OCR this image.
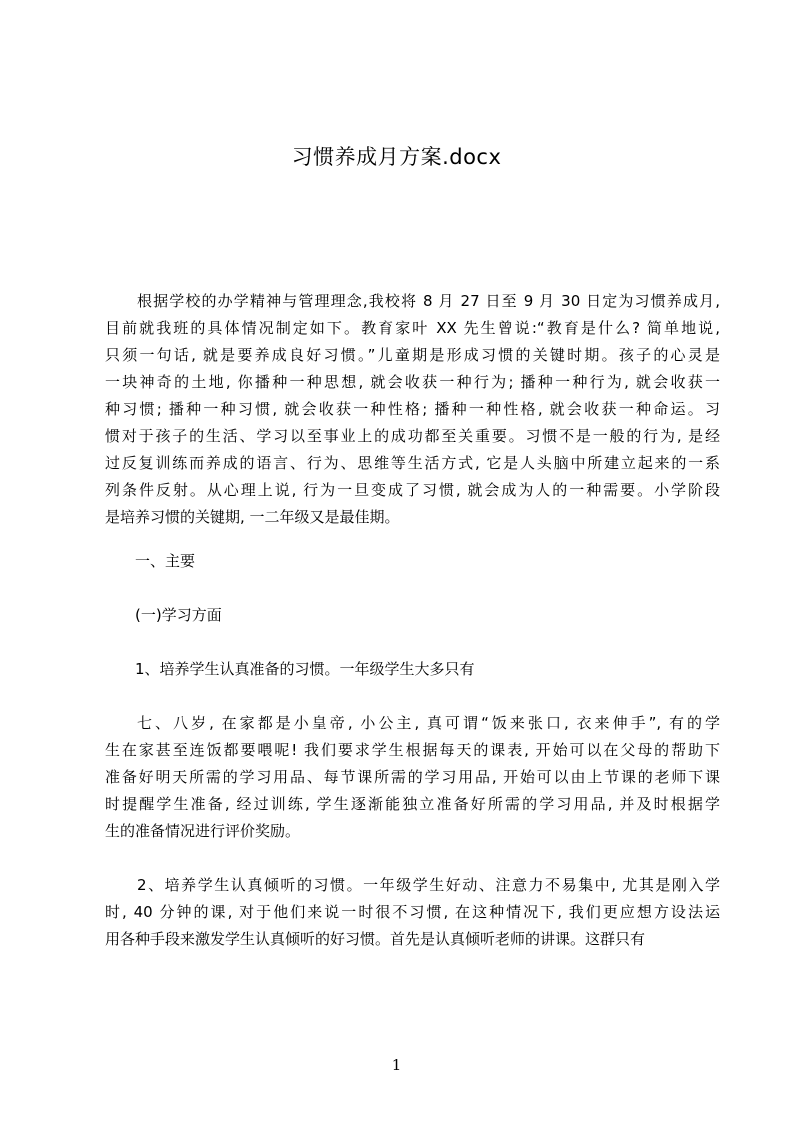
习惯养成月方案.docx
根据学校的办学精神与管理理念,我校将 8 月 27 日至 9 月 30 日定为习惯养成月,
目前就我班的具体情况制定如下。教育家叶 XX 先生曾说:“教育是什么? 简单地说,
只须一句话, 就是要养成良好习惯。”儿童期是形成习惯的关键时期。孩子的心灵是
一块神奇的土地, 你播种一种思想, 就会收获一种行为; 播种一种行为, 就会收获一
种习惯; 播种一种习惯, 就会收获一种性格; 播种一种性格, 就会收获一种命运。习
惯对于孩子的生活、学习以至事业上的成功都至关重要。习惯不是一般的行为, 是经
过反复训练而养成的语言、行为、思维等生活方式, 它是人头脑中所建立起来的一系
列条件反射。从心理上说, 行为一旦变成了习惯, 就会成为人的一种需要。小学阶段
是培养习惯的关键期, 一二年级又是最佳期。
一、主要
(一)学习方面
1、培养学生认真准备的习惯。一年级学生大多只有
七、八岁, 在家都是小皇帝, 小公主, 真可谓“饭来张口, 衣来伸手”, 有的学
生在家甚至连饭都要喂呢! 我们要求学生根据每天的课表, 开始可以在父母的帮助下
准备好明天所需的学习用品、每节课所需的学习用品, 开始可以由上节课的老师下课
时提醒学生准备, 经过训练, 学生逐渐能独立准备好所需的学习用品, 并及时根据学
生的准备情况进行评价奖励。
2、培养学生认真倾听的习惯。一年级学生好动、注意力不易集中, 尤其是刚入学
时, 40 分钟的课, 对于他们来说一时很不习惯, 在这种情况下, 我们更应想方设法运
用各种手段来激发学生认真倾听的好习惯。首先是认真倾听老师的讲课。这群只有
1
